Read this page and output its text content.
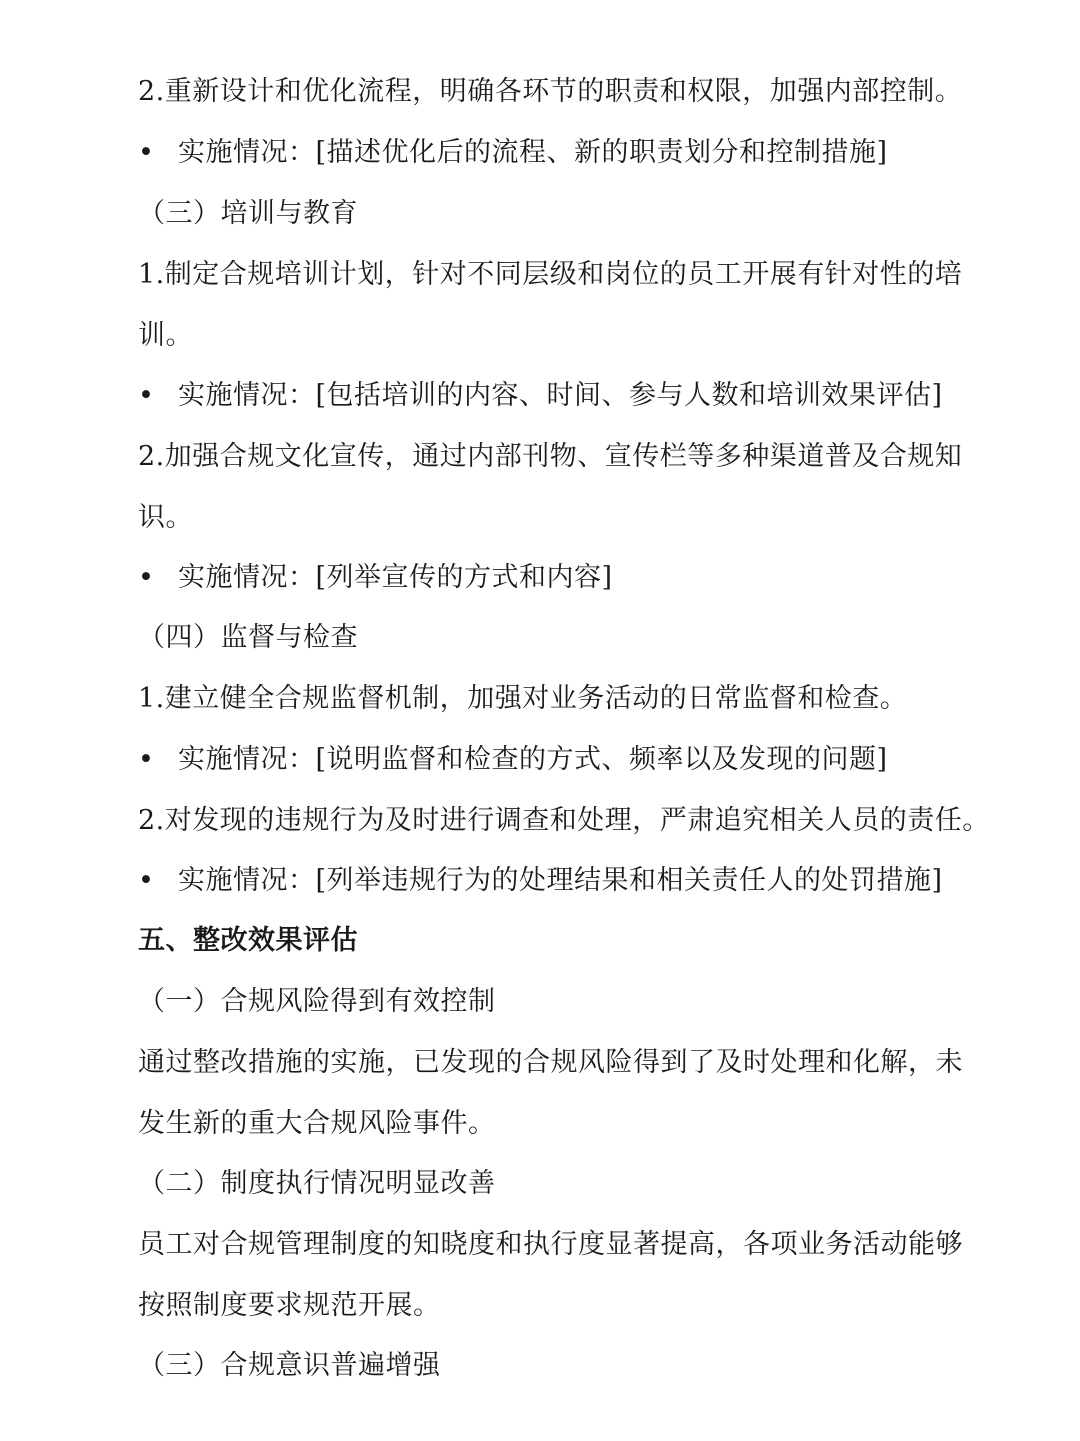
2.重新设计和优化流程，明确各环节的职责和权限，加强内部控制。
• 实施情况：[描述优化后的流程、新的职责划分和控制措施]
（三）培训与教育
1.制定合规培训计划，针对不同层级和岗位的员工开展有针对性的培
训。
• 实施情况：[包括培训的内容、时间、参与人数和培训效果评估]
2.加强合规文化宣传，通过内部刊物、宣传栏等多种渠道普及合规知
识。
• 实施情况：[列举宣传的方式和内容]
（四）监督与检查
1.建立健全合规监督机制，加强对业务活动的日常监督和检查。
• 实施情况：[说明监督和检查的方式、频率以及发现的问题]
2.对发现的违规行为及时进行调查和处理，严肃追究相关人员的责任。
• 实施情况：[列举违规行为的处理结果和相关责任人的处罚措施]
五、整改效果评估
（一）合规风险得到有效控制
通过整改措施的实施，已发现的合规风险得到了及时处理和化解，未
发生新的重大合规风险事件。
（二）制度执行情况明显改善
员工对合规管理制度的知晓度和执行度显著提高，各项业务活动能够
按照制度要求规范开展。
（三）合规意识普遍增强
